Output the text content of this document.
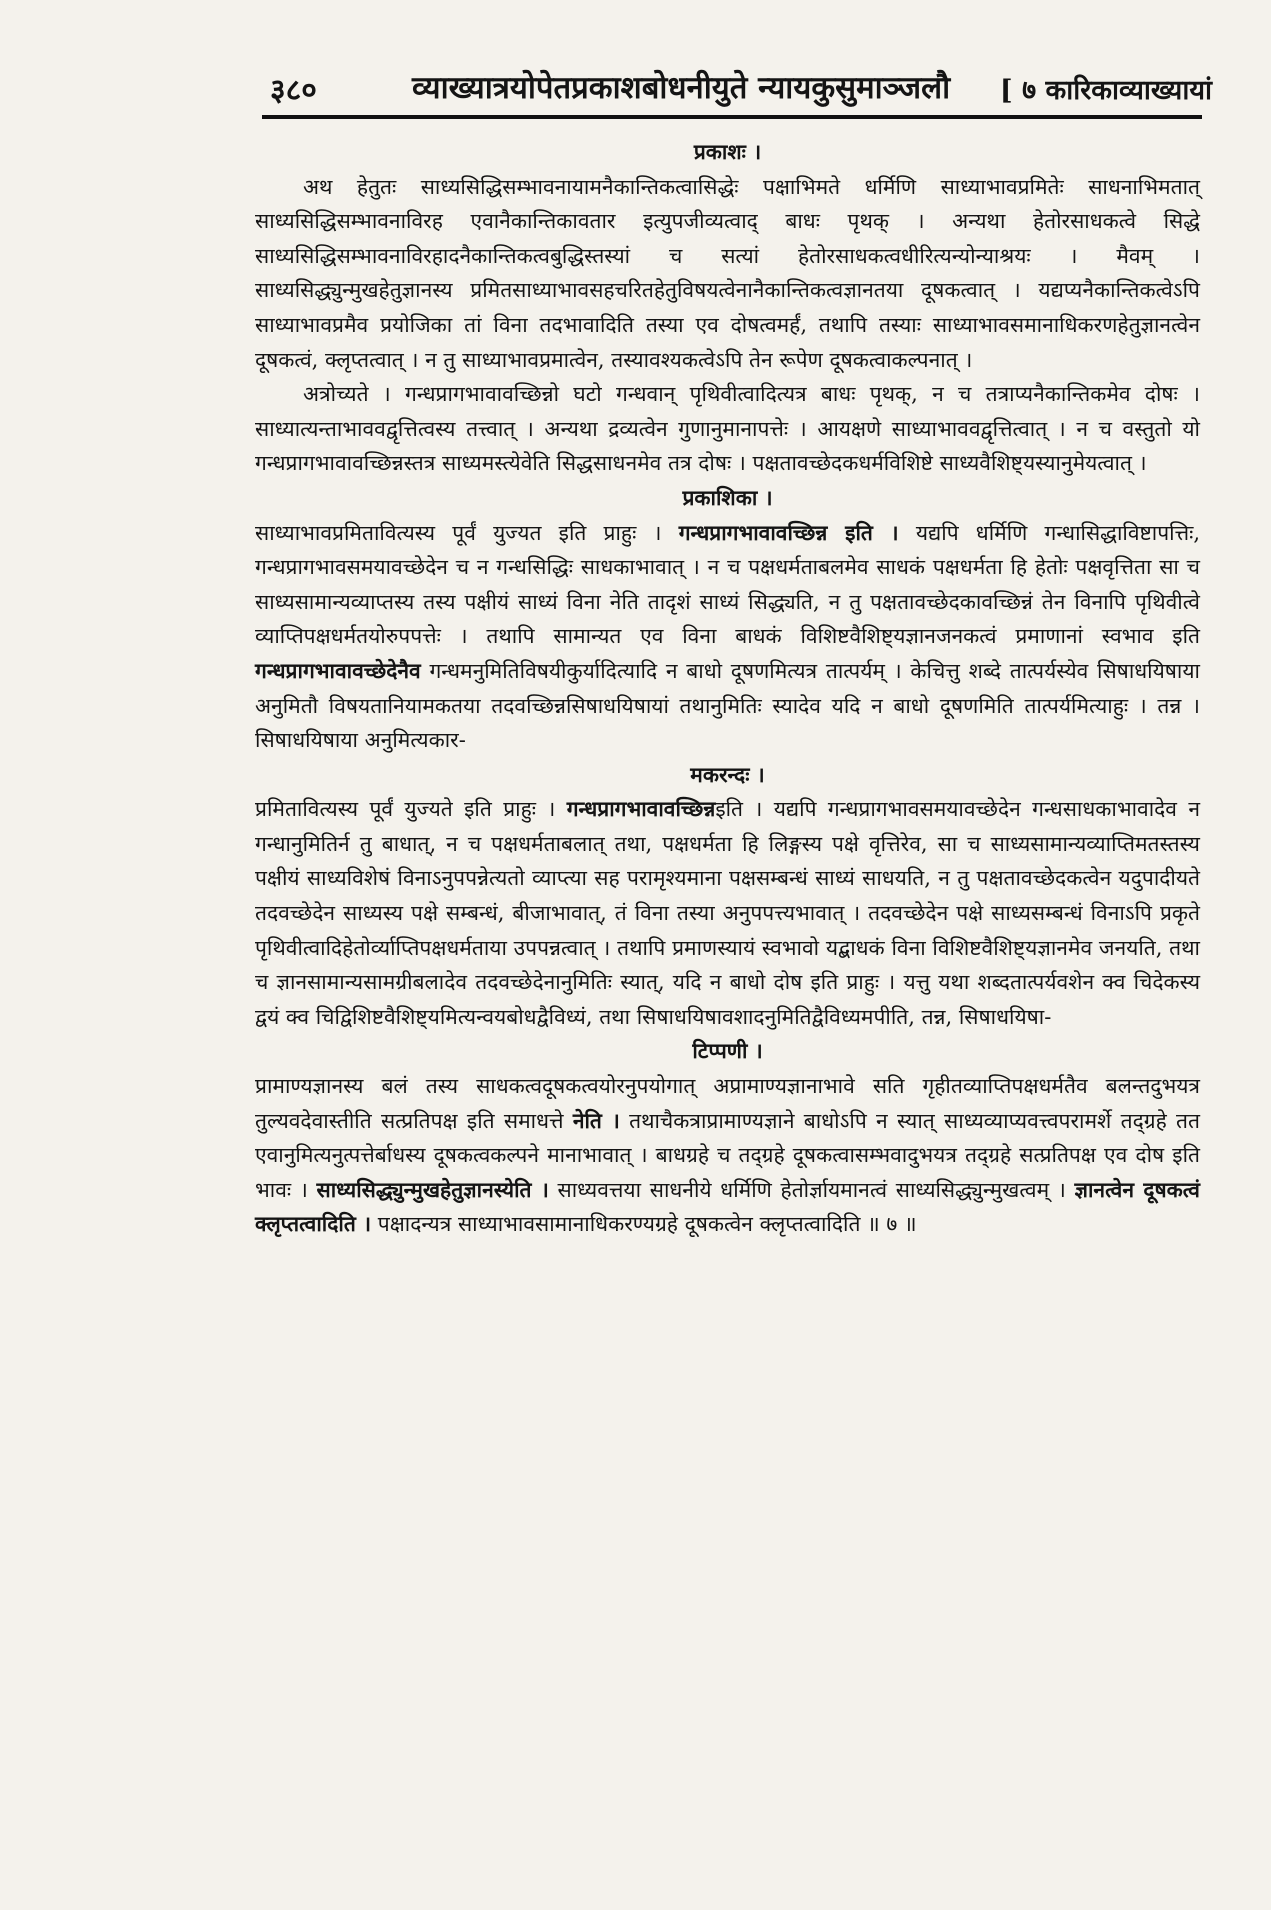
३८०	व्याख्यात्रयोपेतप्रकाशबोधनीयुते न्यायकुसुमाञ्जलौ [ ७ कारिकाव्याख्यायां

प्रकाशः ।

अथ हेतुतः साध्यसिद्धिसम्भावनायामनैकान्तिकत्वासिद्धेः पक्षाभिमते धर्मिणि साध्याभावप्रमितेः साधनाभिमतात् साध्यसिद्धिसम्भावनाविरह एवानैकान्तिकावतार इत्युपजीव्यत्वाद् बाधः पृथक् । अन्यथा हेतोरसाधकत्वे सिद्धे साध्यसिद्धिसम्भावनाविरहादनैकान्तिकत्वबुद्धिस्तस्यां च सत्यां हेतोरसाधकत्वधीरित्यन्योन्याश्रयः । मैवम् । साध्यसिद्ध्युन्मुखहेतुज्ञानस्य प्रमितसाध्याभावसहचरितहेतुविषयत्वेनानैकान्तिकत्वज्ञानतया दूषकत्वात् । यद्यप्यनैकान्तिकत्वेऽपि साध्याभावप्रमैव प्रयोजिका तां विना तदभावादिति तस्या एव दोषत्वमर्हं, तथापि तस्याः साध्याभावसमानाधिकरणहेतुज्ञानत्वेन दूषकत्वं, क्लृप्तत्वात् । न तु साध्याभावप्रमात्वेन, तस्यावश्यकत्वेऽपि तेन रूपेण दूषकत्वाकल्पनात् ।

अत्रोच्यते । गन्धप्रागभावावच्छिन्नो घटो गन्धवान् पृथिवीत्वादित्यत्र बाधः पृथक्, न च तत्राप्यनैकान्तिकमेव दोषः । साध्यात्यन्ताभाववद्वृत्तित्वस्य तत्त्वात् । अन्यथा द्रव्यत्वेन गुणानुमानापत्तेः । आयक्षणे साध्याभाववद्वृत्तित्वात् । न च वस्तुतो यो गन्धप्रागभावावच्छिन्नस्तत्र साध्यमस्त्येवेति सिद्धसाधनमेव तत्र दोषः । पक्षतावच्छेदकधर्मविशिष्टे साध्यवैशिष्ट्यस्यानुमेयत्वात् ।

प्रकाशिका ।

साध्याभावप्रमितावित्यस्य पूर्वं युज्यत इति प्राहुः । गन्धप्रागभावावच्छिन्न इति । यद्यपि धर्मिणि गन्धासिद्धाविष्टापत्तिः, गन्धप्रागभावसमयावच्छेदेन च न गन्धसिद्धिः साधकाभावात् । न च पक्षधर्मताबलमेव साधकं पक्षधर्मता हि हेतोः पक्षवृत्तिता सा च साध्यसामान्यव्याप्तस्य तस्य पक्षीयं साध्यं विना नेति तादृशं साध्यं सिद्ध्यति, न तु पक्षतावच्छेदकावच्छिन्नं तेन विनापि पृथिवीत्वे व्याप्तिपक्षधर्मतयोरुपपत्तेः । तथापि सामान्यत एव विना बाधकं विशिष्टवैशिष्ट्यज्ञानजनकत्वं प्रमाणानां स्वभाव इति गन्धप्रागभावावच्छेदेनैव गन्धमनुमितिविषयीकुर्यादित्यादि न बाधो दूषणमित्यत्र तात्पर्यम् । केचित्तु शब्दे तात्पर्यस्येव सिषाधयिषाया अनुमितौ विषयतानियामकतया तदवच्छिन्नसिषाधयिषायां तथानुमितिः स्यादेव यदि न बाधो दूषणमिति तात्पर्यमित्याहुः । तन्न । सिषाधयिषाया अनुमित्यकार-

मकरन्दः ।

प्रमितावित्यस्य पूर्वं युज्यते इति प्राहुः । गन्धप्रागभावावच्छिन्नइति । यद्यपि गन्धप्रागभावसमयावच्छेदेन गन्धसाधकाभावादेव न गन्धानुमितिर्न तु बाधात्, न च पक्षधर्मताबलात् तथा, पक्षधर्मता हि लिङ्गस्य पक्षे वृत्तिरेव, सा च साध्यसामान्यव्याप्तिमतस्तस्य पक्षीयं साध्यविशेषं विनाऽनुपपन्नेत्यतो व्याप्त्या सह परामृश्यमाना पक्षसम्बन्धं साध्यं साधयति, न तु पक्षतावच्छेदकत्वेन यदुपादीयते तदवच्छेदेन साध्यस्य पक्षे सम्बन्धं, बीजाभावात्, तं विना तस्या अनुपपत्त्यभावात् । तदवच्छेदेन पक्षे साध्यसम्बन्धं विनाऽपि प्रकृते पृथिवीत्वादिहेतोर्व्याप्तिपक्षधर्मताया उपपन्नत्वात् । तथापि प्रमाणस्यायं स्वभावो यद्बाधकं विना विशिष्टवैशिष्ट्यज्ञानमेव जनयति, तथा च ज्ञानसामान्यसामग्रीबलादेव तदवच्छेदेनानुमितिः स्यात्, यदि न बाधो दोष इति प्राहुः । यत्तु यथा शब्दतात्पर्यवशेन क्व चिदेकस्य द्वयं क्व चिद्विशिष्टवैशिष्ट्यमित्यन्वयबोधद्वैविध्यं, तथा सिषाधयिषावशादनुमितिद्वैविध्यमपीति, तन्न, सिषाधयिषा-

टिप्पणी ।

प्रामाण्यज्ञानस्य बलं तस्य साधकत्वदूषकत्वयोरनुपयोगात् अप्रामाण्यज्ञानाभावे सति गृहीतव्याप्तिपक्षधर्मतैव बलन्तदुभयत्र तुल्यवदेवास्तीति सत्प्रतिपक्ष इति समाधत्ते नेति । तथाचैकत्राप्रामाण्यज्ञाने बाधोऽपि न स्यात् साध्यव्याप्यवत्त्वपरामर्शे तद्ग्रहे तत एवानुमित्यनुत्पत्तेर्बाधस्य दूषकत्वकल्पने मानाभावात् । बाधग्रहे च तद्ग्रहे दूषकत्वासम्भवादुभयत्र तद्ग्रहे सत्प्रतिपक्ष एव दोष इति भावः । साध्यसिद्ध्युन्मुखहेतुज्ञानस्येति । साध्यवत्तया साधनीये धर्मिणि हेतोर्ज्ञायमानत्वं साध्यसिद्ध्युन्मुखत्वम् । ज्ञानत्वेन दूषकत्वं क्लृप्तत्वादिति । पक्षादन्यत्र साध्याभावसामानाधिकरण्यग्रहे दूषकत्वेन क्लृप्तत्वादिति ॥ ७ ॥
